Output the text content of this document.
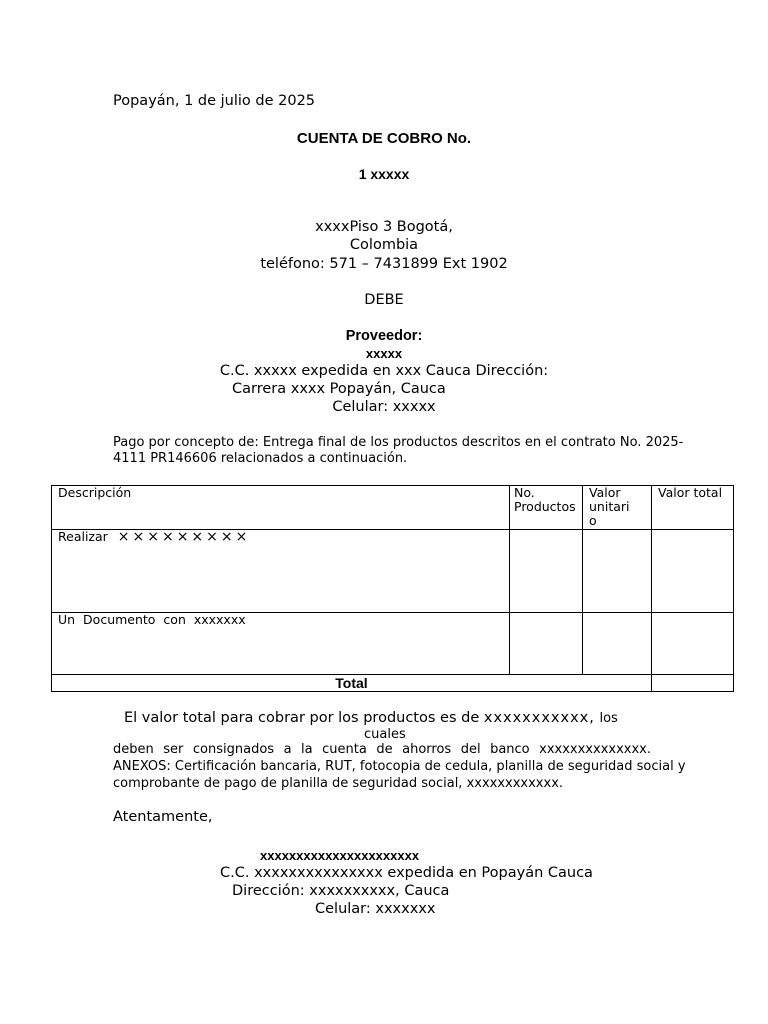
Popayán, 1 de julio de 2025
CUENTA DE COBRO No.
1 xxxxx
xxxxPiso 3 Bogotá,
Colombia
teléfono: 571 – 7431899 Ext 1902
DEBE
Proveedor:
xxxxx
C.C. xxxxx expedida en xxx Cauca Dirección:
Carrera xxxx Popayán, Cauca
Celular: xxxxx
Pago por concepto de: Entrega final de los productos descritos en el contrato No. 2025-
4111 PR146606 relacionados a continuación.
Descripción	No. Productos	Valor unitari o	Valor total
Realizar ×××××××××			
Un Documento con xxxxxxx			
Total			
El valor total para cobrar por los productos es de xxxxxxxxxxx, los
cuales
deben ser consignados a la cuenta de ahorros del banco xxxxxxxxxxxxxx.
ANEXOS: Certificación bancaria, RUT, fotocopia de cedula, planilla de seguridad social y
comprobante de pago de planilla de seguridad social, xxxxxxxxxxxx.
Atentamente,
xxxxxxxxxxxxxxxxxxxxxx
C.C. xxxxxxxxxxxxxxx expedida en Popayán Cauca
Dirección: xxxxxxxxxx, Cauca
Celular: xxxxxxx
